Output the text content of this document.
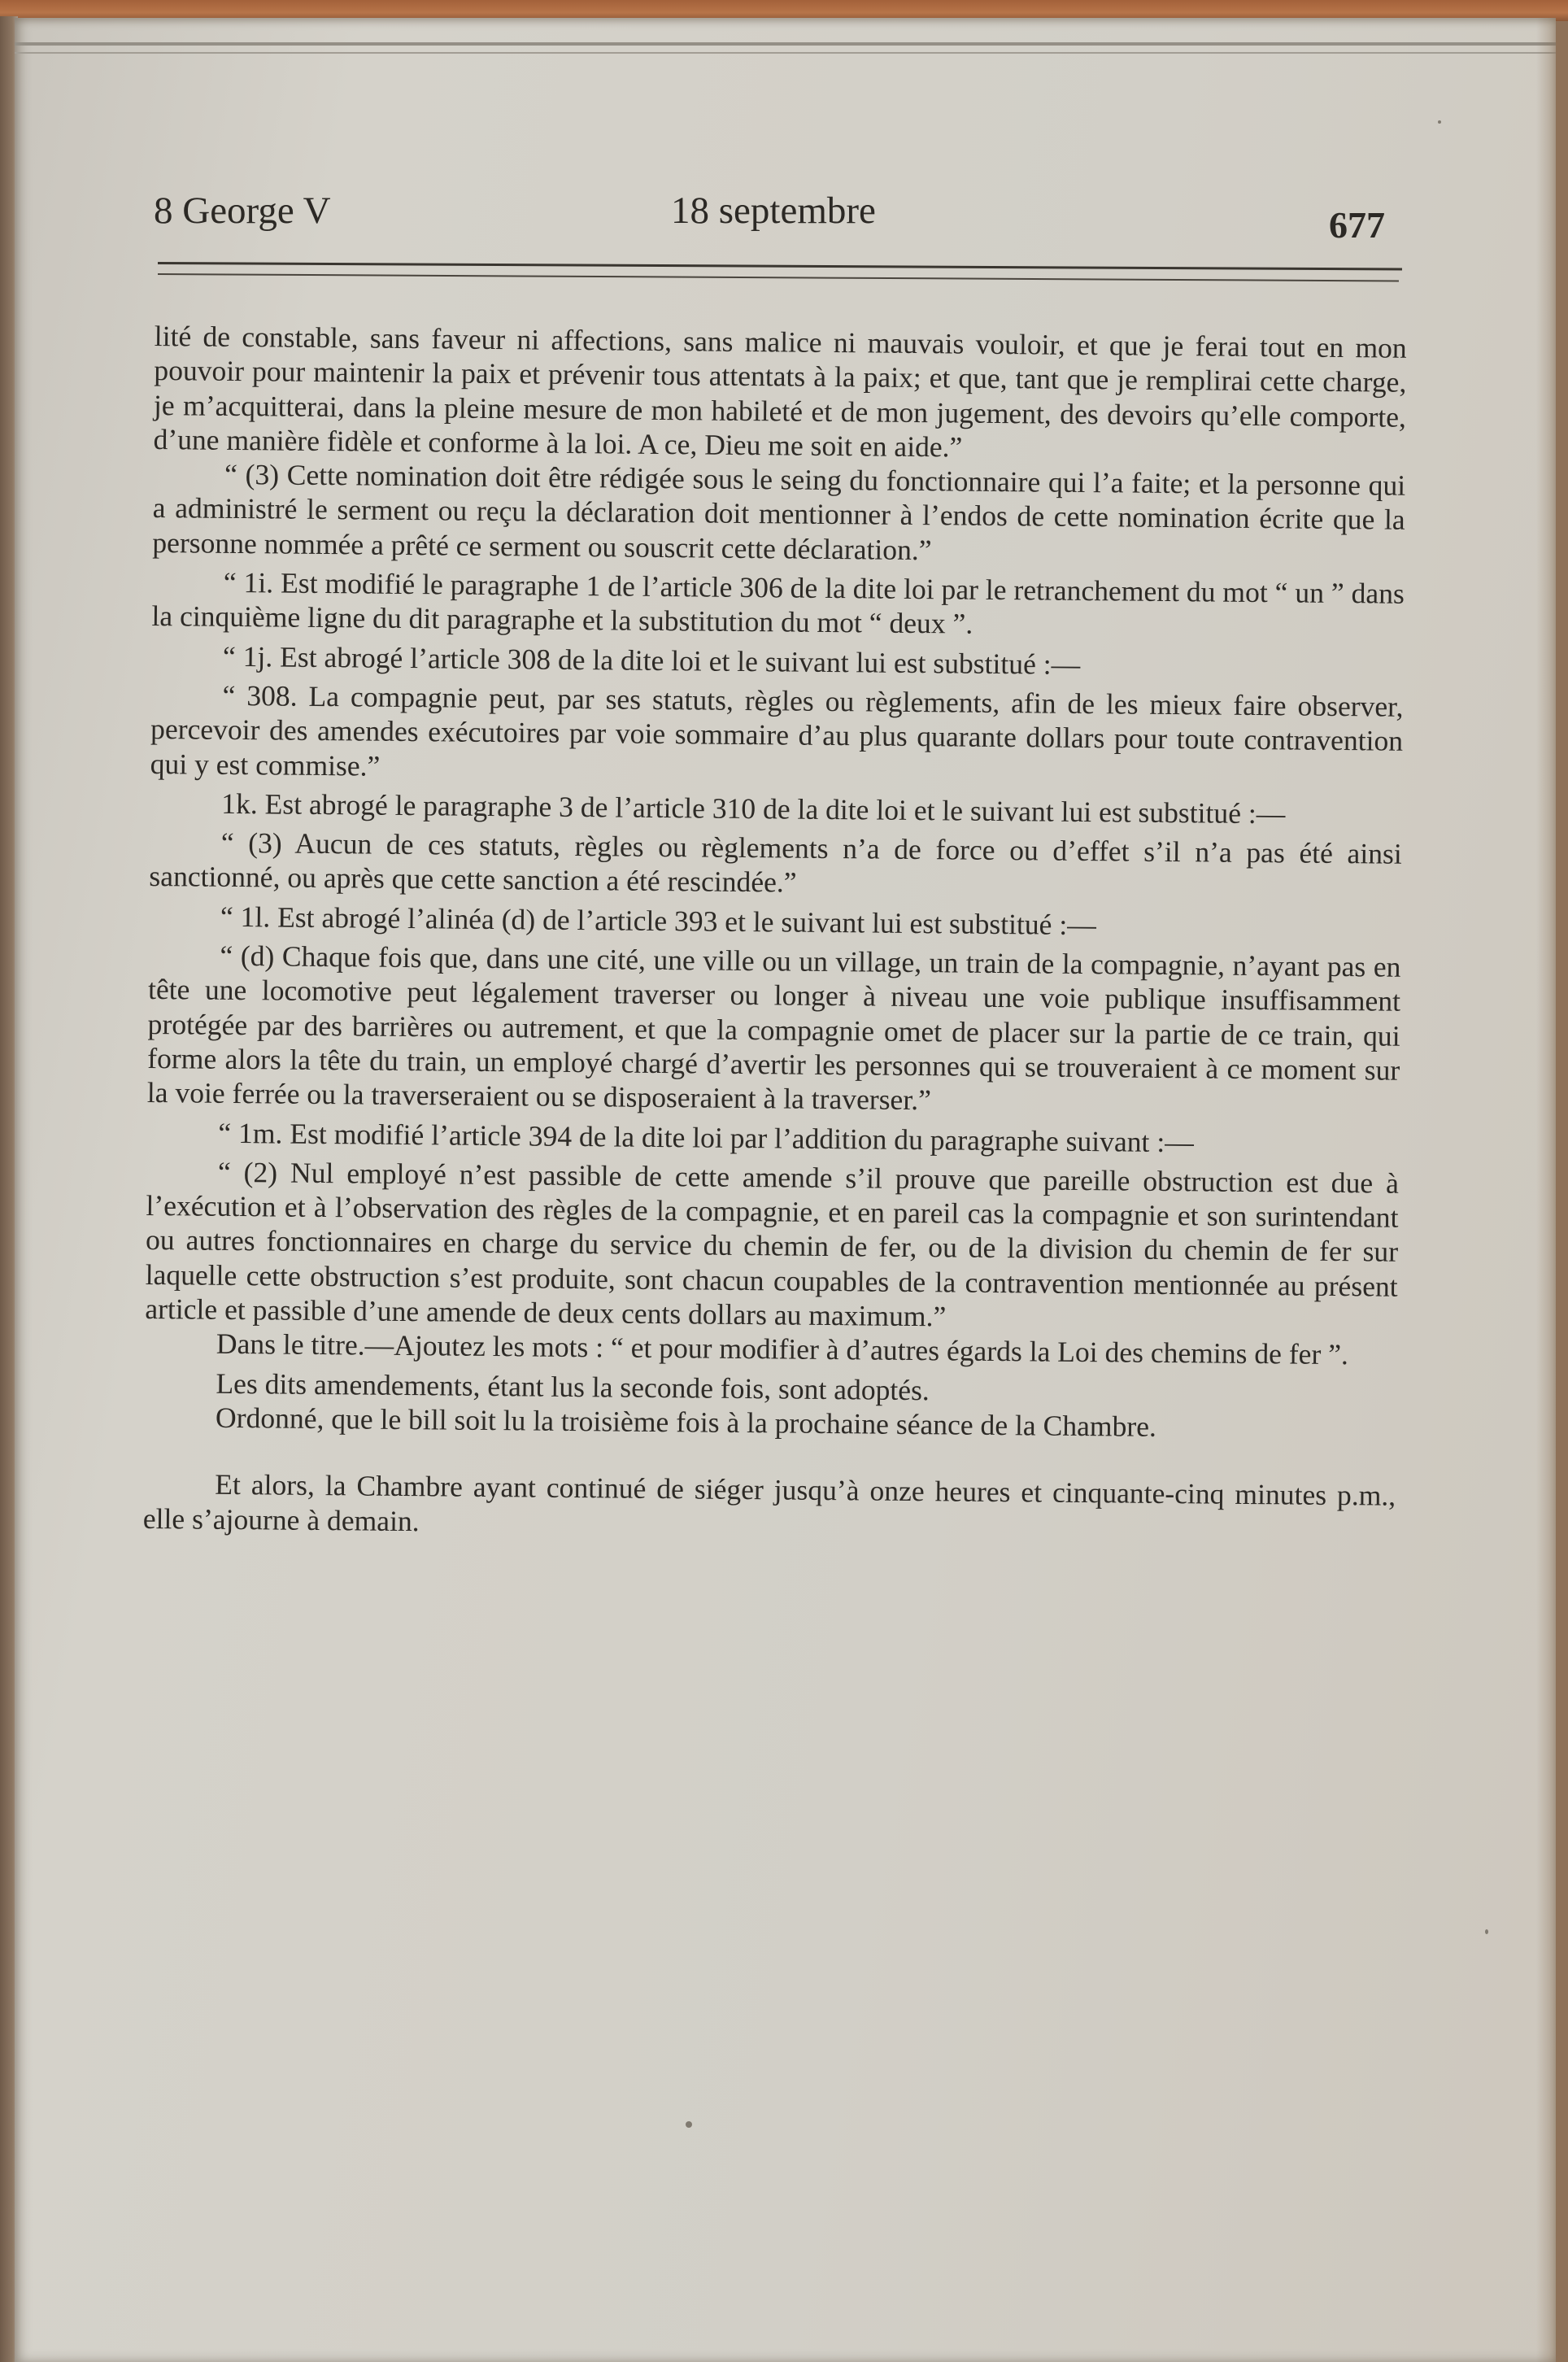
8 George V	18 septembre	677

lité de constable, sans faveur ni affections, sans malice ni mauvais vouloir, et que je ferai tout en mon pouvoir pour maintenir la paix et prévenir tous attentats à la paix; et que, tant que je remplirai cette charge, je m’acquitterai, dans la pleine mesure de mon habileté et de mon jugement, des devoirs qu’elle comporte, d’une manière fidèle et conforme à la loi. A ce, Dieu me soit en aide.”

“ (3) Cette nomination doit être rédigée sous le seing du fonctionnaire qui l’a faite; et la personne qui a administré le serment ou reçu la déclaration doit mentionner à l’endos de cette nomination écrite que la personne nommée a prêté ce serment ou souscrit cette déclaration.”

“ 1i. Est modifié le paragraphe 1 de l’article 306 de la dite loi par le retranchement du mot “ un ” dans la cinquième ligne du dit paragraphe et la substitution du mot “ deux ”.

“ 1j. Est abrogé l’article 308 de la dite loi et le suivant lui est substitué :—

“ 308. La compagnie peut, par ses statuts, règles ou règlements, afin de les mieux faire observer, percevoir des amendes exécutoires par voie sommaire d’au plus quarante dollars pour toute contravention qui y est commise.”

1k. Est abrogé le paragraphe 3 de l’article 310 de la dite loi et le suivant lui est substitué :—

“ (3) Aucun de ces statuts, règles ou règlements n’a de force ou d’effet s’il n’a pas été ainsi sanctionné, ou après que cette sanction a été rescindée.”

“ 1l. Est abrogé l’alinéa (d) de l’article 393 et le suivant lui est substitué :—

“ (d) Chaque fois que, dans une cité, une ville ou un village, un train de la compagnie, n’ayant pas en tête une locomotive peut légalement traverser ou longer à niveau une voie publique insuffisamment protégée par des barrières ou autrement, et que la compagnie omet de placer sur la partie de ce train, qui forme alors la tête du train, un employé chargé d’avertir les personnes qui se trouveraient à ce moment sur la voie ferrée ou la traverseraient ou se disposeraient à la traverser.”

“ 1m. Est modifié l’article 394 de la dite loi par l’addition du paragraphe suivant :—

“ (2) Nul employé n’est passible de cette amende s’il prouve que pareille obstruction est due à l’exécution et à l’observation des règles de la compagnie, et en pareil cas la compagnie et son surintendant ou autres fonctionnaires en charge du service du chemin de fer, ou de la division du chemin de fer sur laquelle cette obstruction s’est produite, sont chacun coupables de la contravention mentionnée au présent article et passible d’une amende de deux cents dollars au maximum.”

Dans le titre.—Ajoutez les mots : “ et pour modifier à d’autres égards la Loi des chemins de fer ”.

Les dits amendements, étant lus la seconde fois, sont adoptés.

Ordonné, que le bill soit lu la troisième fois à la prochaine séance de la Chambre.

Et alors, la Chambre ayant continué de siéger jusqu’à onze heures et cinquante-cinq minutes p.m., elle s’ajourne à demain.
